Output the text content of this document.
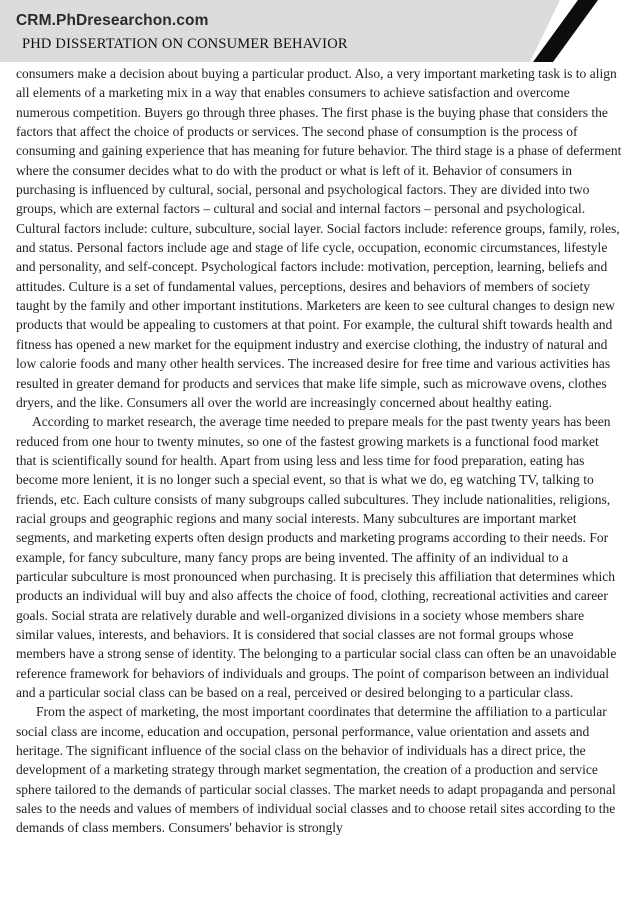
CRM.PhDresearchon.com
PHD DISSERTATION ON CONSUMER BEHAVIOR

consumers make a decision about buying a particular product. Also, a very important marketing task is to align all elements of a marketing mix in a way that enables consumers to achieve satisfaction and overcome numerous competition. Buyers go through three phases. The first phase is the buying phase that considers the factors that affect the choice of products or services. The second phase of consumption is the process of consuming and gaining experience that has meaning for future behavior. The third stage is a phase of deferment where the consumer decides what to do with the product or what is left of it. Behavior of consumers in purchasing is influenced by cultural, social, personal and psychological factors. They are divided into two groups, which are external factors – cultural and social and internal factors – personal and psychological. Cultural factors include: culture, subculture, social layer. Social factors include: reference groups, family, roles, and status. Personal factors include age and stage of life cycle, occupation, economic circumstances, lifestyle and personality, and self-concept. Psychological factors include: motivation, perception, learning, beliefs and attitudes. Culture is a set of fundamental values, perceptions, desires and behaviors of members of society taught by the family and other important institutions. Marketers are keen to see cultural changes to design new products that would be appealing to customers at that point. For example, the cultural shift towards health and fitness has opened a new market for the equipment industry and exercise clothing, the industry of natural and low calorie foods and many other health services. The increased desire for free time and various activities has resulted in greater demand for products and services that make life simple, such as microwave ovens, clothes dryers, and the like. Consumers all over the world are increasingly concerned about healthy eating.

According to market research, the average time needed to prepare meals for the past twenty years has been reduced from one hour to twenty minutes, so one of the fastest growing markets is a functional food market that is scientifically sound for health. Apart from using less and less time for food preparation, eating has become more lenient, it is no longer such a special event, so that is what we do, eg watching TV, talking to friends, etc. Each culture consists of many subgroups called subcultures. They include nationalities, religions, racial groups and geographic regions and many social interests. Many subcultures are important market segments, and marketing experts often design products and marketing programs according to their needs. For example, for fancy subculture, many fancy props are being invented. The affinity of an individual to a particular subculture is most pronounced when purchasing. It is precisely this affiliation that determines which products an individual will buy and also affects the choice of food, clothing, recreational activities and career goals. Social strata are relatively durable and well-organized divisions in a society whose members share similar values, interests, and behaviors. It is considered that social classes are not formal groups whose members have a strong sense of identity. The belonging to a particular social class can often be an unavoidable reference framework for behaviors of individuals and groups. The point of comparison between an individual and a particular social class can be based on a real, perceived or desired belonging to a particular class.

From the aspect of marketing, the most important coordinates that determine the affiliation to a particular social class are income, education and occupation, personal performance, value orientation and assets and heritage. The significant influence of the social class on the behavior of individuals has a direct price, the development of a marketing strategy through market segmentation, the creation of a production and service sphere tailored to the demands of particular social classes. The market needs to adapt propaganda and personal sales to the needs and values of members of individual social classes and to choose retail sites according to the demands of class members. Consumers' behavior is strongly
